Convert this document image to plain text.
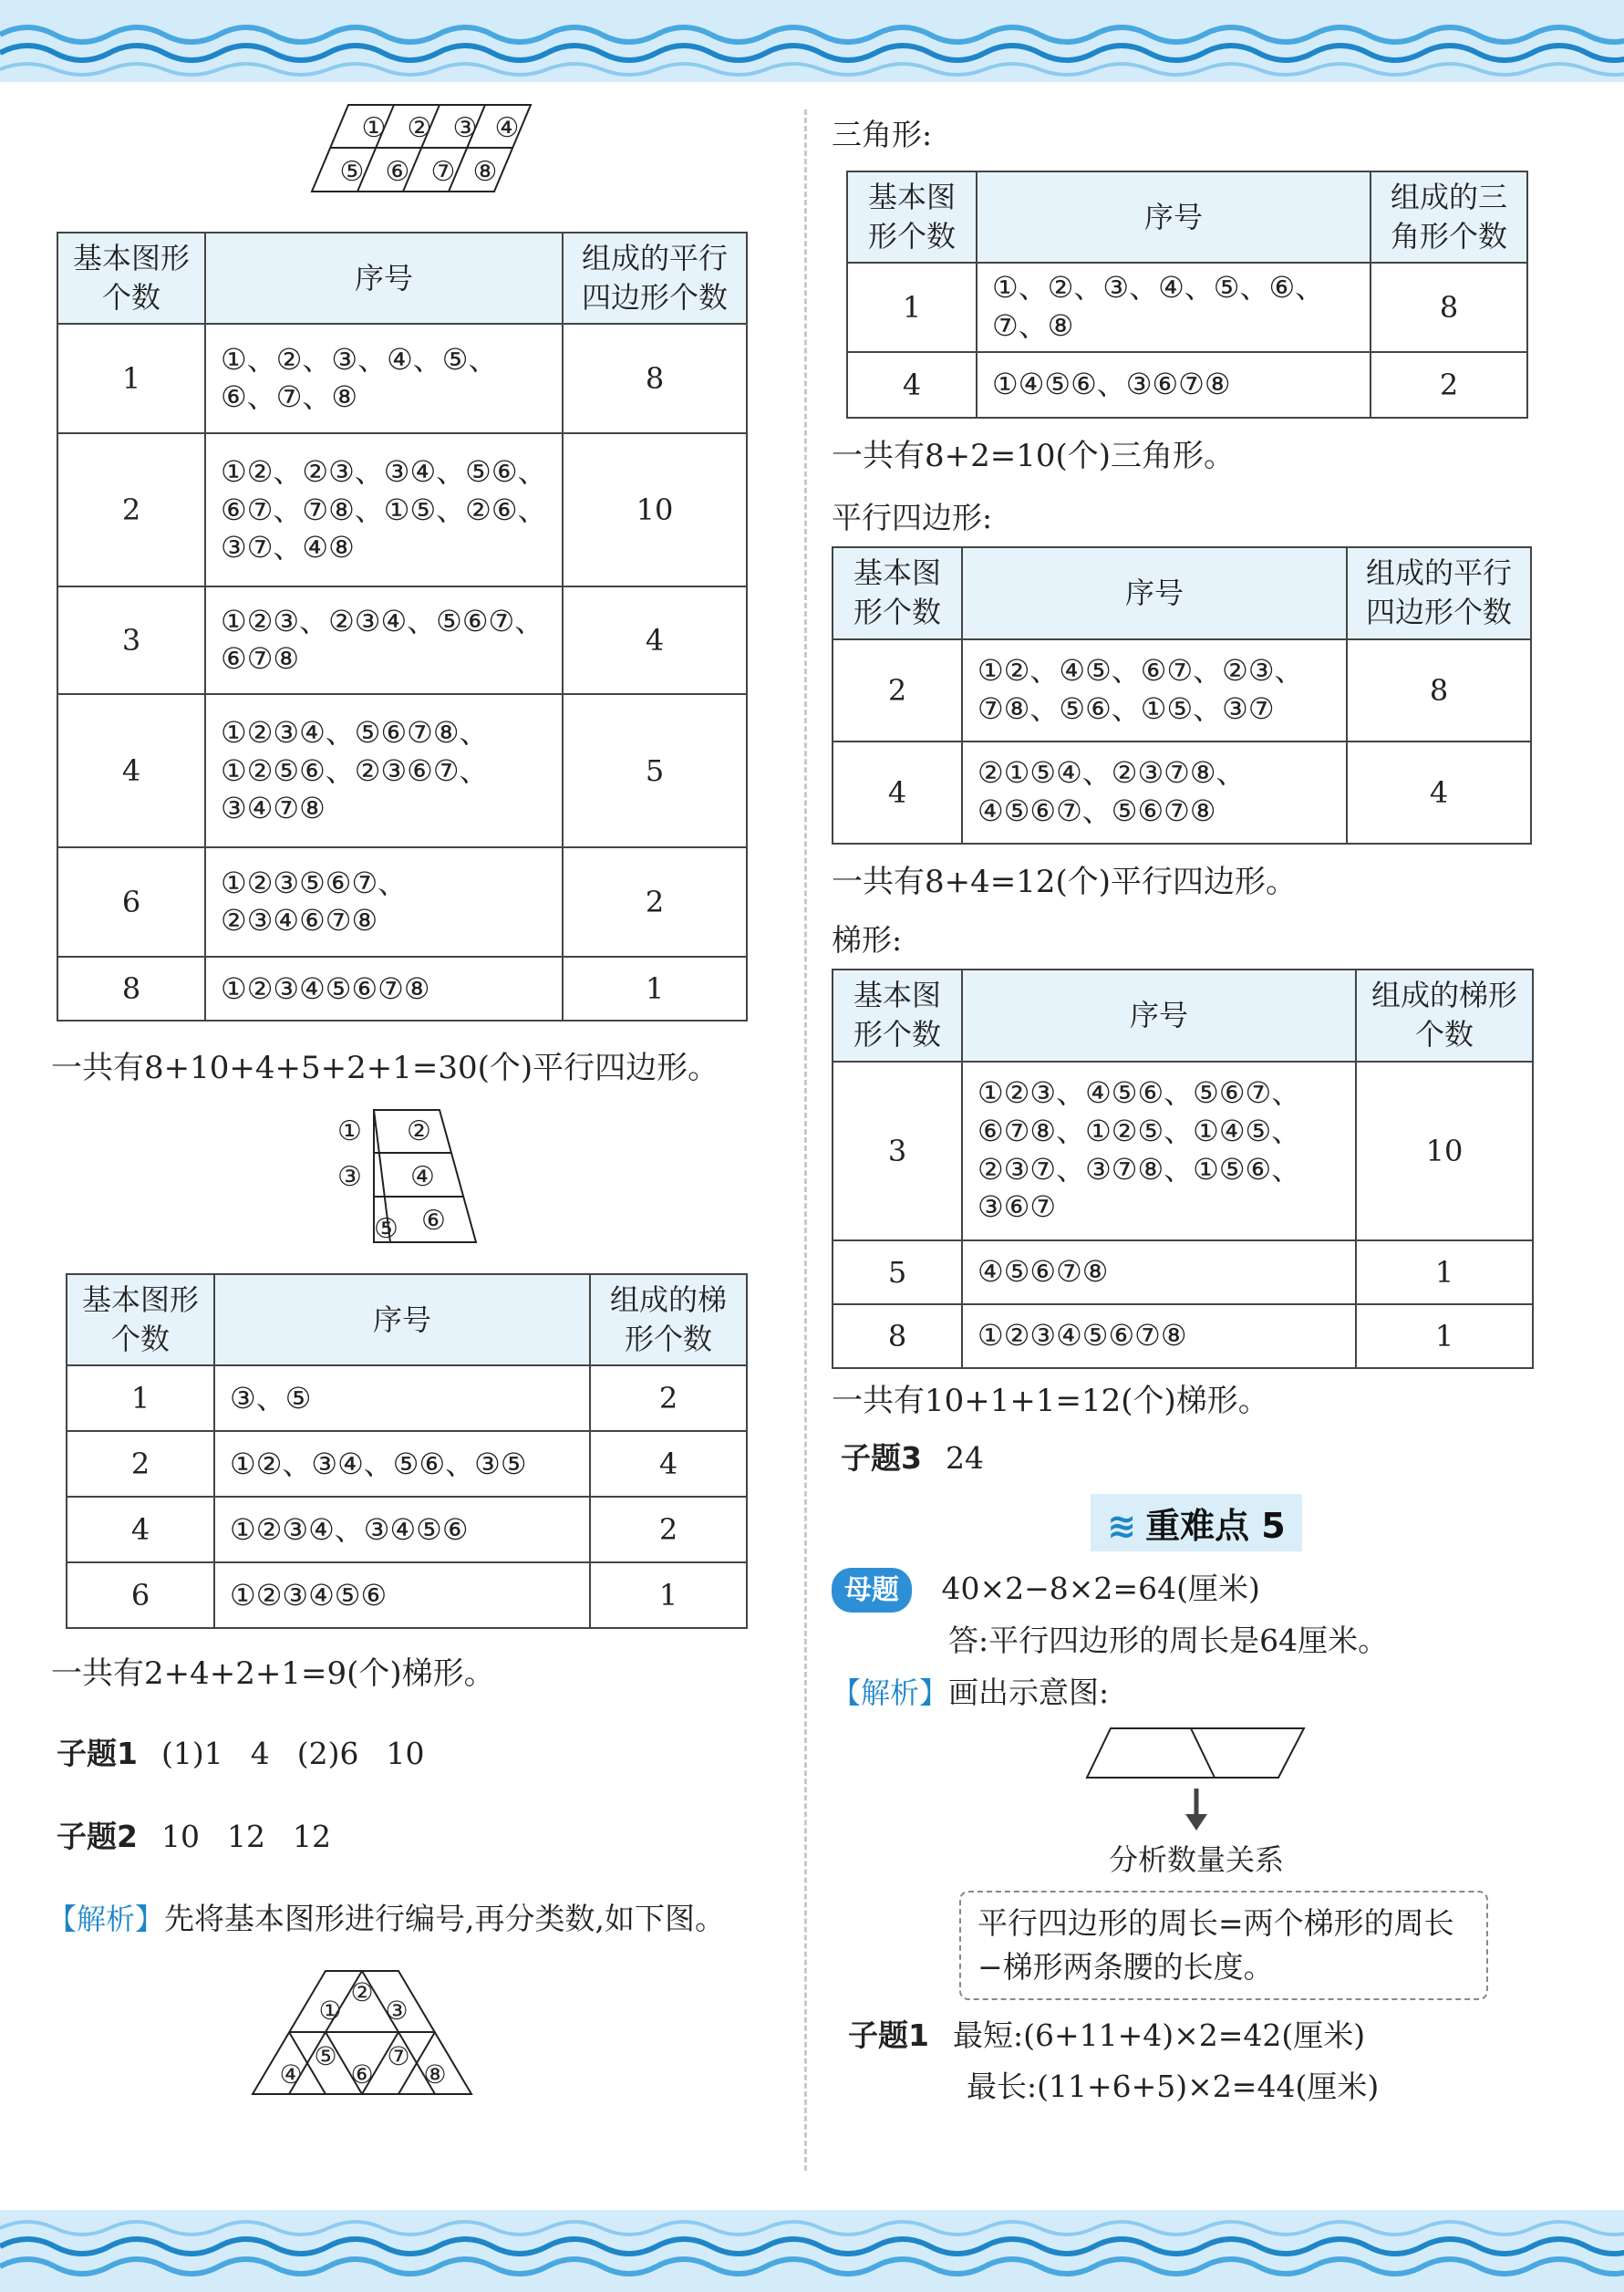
① ② ③ ④
⑤ ⑥ ⑦ ⑧
基本图形个数	序号	组成的平行四边形个数
1	①、②、③、④、⑤、⑥、⑦、⑧	8
2	①②、②③、③④、⑤⑥、⑥⑦、⑦⑧、①⑤、②⑥、③⑦、④⑧	10
3	①②③、②③④、⑤⑥⑦、⑥⑦⑧	4
4	①②③④、⑤⑥⑦⑧、①②⑤⑥、②③⑥⑦、③④⑦⑧	5
6	①②③⑤⑥⑦、②③④⑥⑦⑧	2
8	①②③④⑤⑥⑦⑧	1
一共有8+10+4+5+2+1=30(个)平行四边形。
① ②
③ ④
⑤ ⑥
基本图形个数	序号	组成的梯形个数
1	③、⑤	2
2	①②、③④、⑤⑥、③⑤	4
4	①②③④、③④⑤⑥	2
6	①②③④⑤⑥	1
一共有2+4+2+1=9(个)梯形。

子题1 (1)1 4 (2)6 10

子题2 10 12 12

【解析】先将基本图形进行编号,再分类数,如下图。

①
②
③
④
⑤
⑥
⑦
⑧
三角形:
基本图形个数	序号	组成的三角形个数
1	①、②、③、④、⑤、⑥、⑦、⑧	8
4	①④⑤⑥、③⑥⑦⑧	2
一共有8+2=10(个)三角形。
平行四边形:
基本图形个数	序号	组成的平行四边形个数
2	①②、④⑤、⑥⑦、②③、⑦⑧、⑤⑥、①⑤、③⑦	8
4	②①⑤④、②③⑦⑧、④⑤⑥⑦、⑤⑥⑦⑧	4
一共有8+4=12(个)平行四边形。
梯形:
基本图形个数	序号	组成的梯形个数
3	①②③、④⑤⑥、⑤⑥⑦、⑥⑦⑧、①②⑤、①④⑤、②③⑦、③⑦⑧、①⑤⑥、③⑥⑦	10
5	④⑤⑥⑦⑧	1
8	①②③④⑤⑥⑦⑧	1
一共有10+1+1=12(个)梯形。

子题3 24

≋ 重难点 5

母题 40×2−8×2=64(厘米)

答:平行四边形的周长是64厘米。

【解析】画出示意图:

分析数量关系
平行四边形的周长=两个梯形的周长−梯形两条腰的长度。

子题1 最短:(6+11+4)×2=42(厘米)

最长:(11+6+5)×2=44(厘米)
